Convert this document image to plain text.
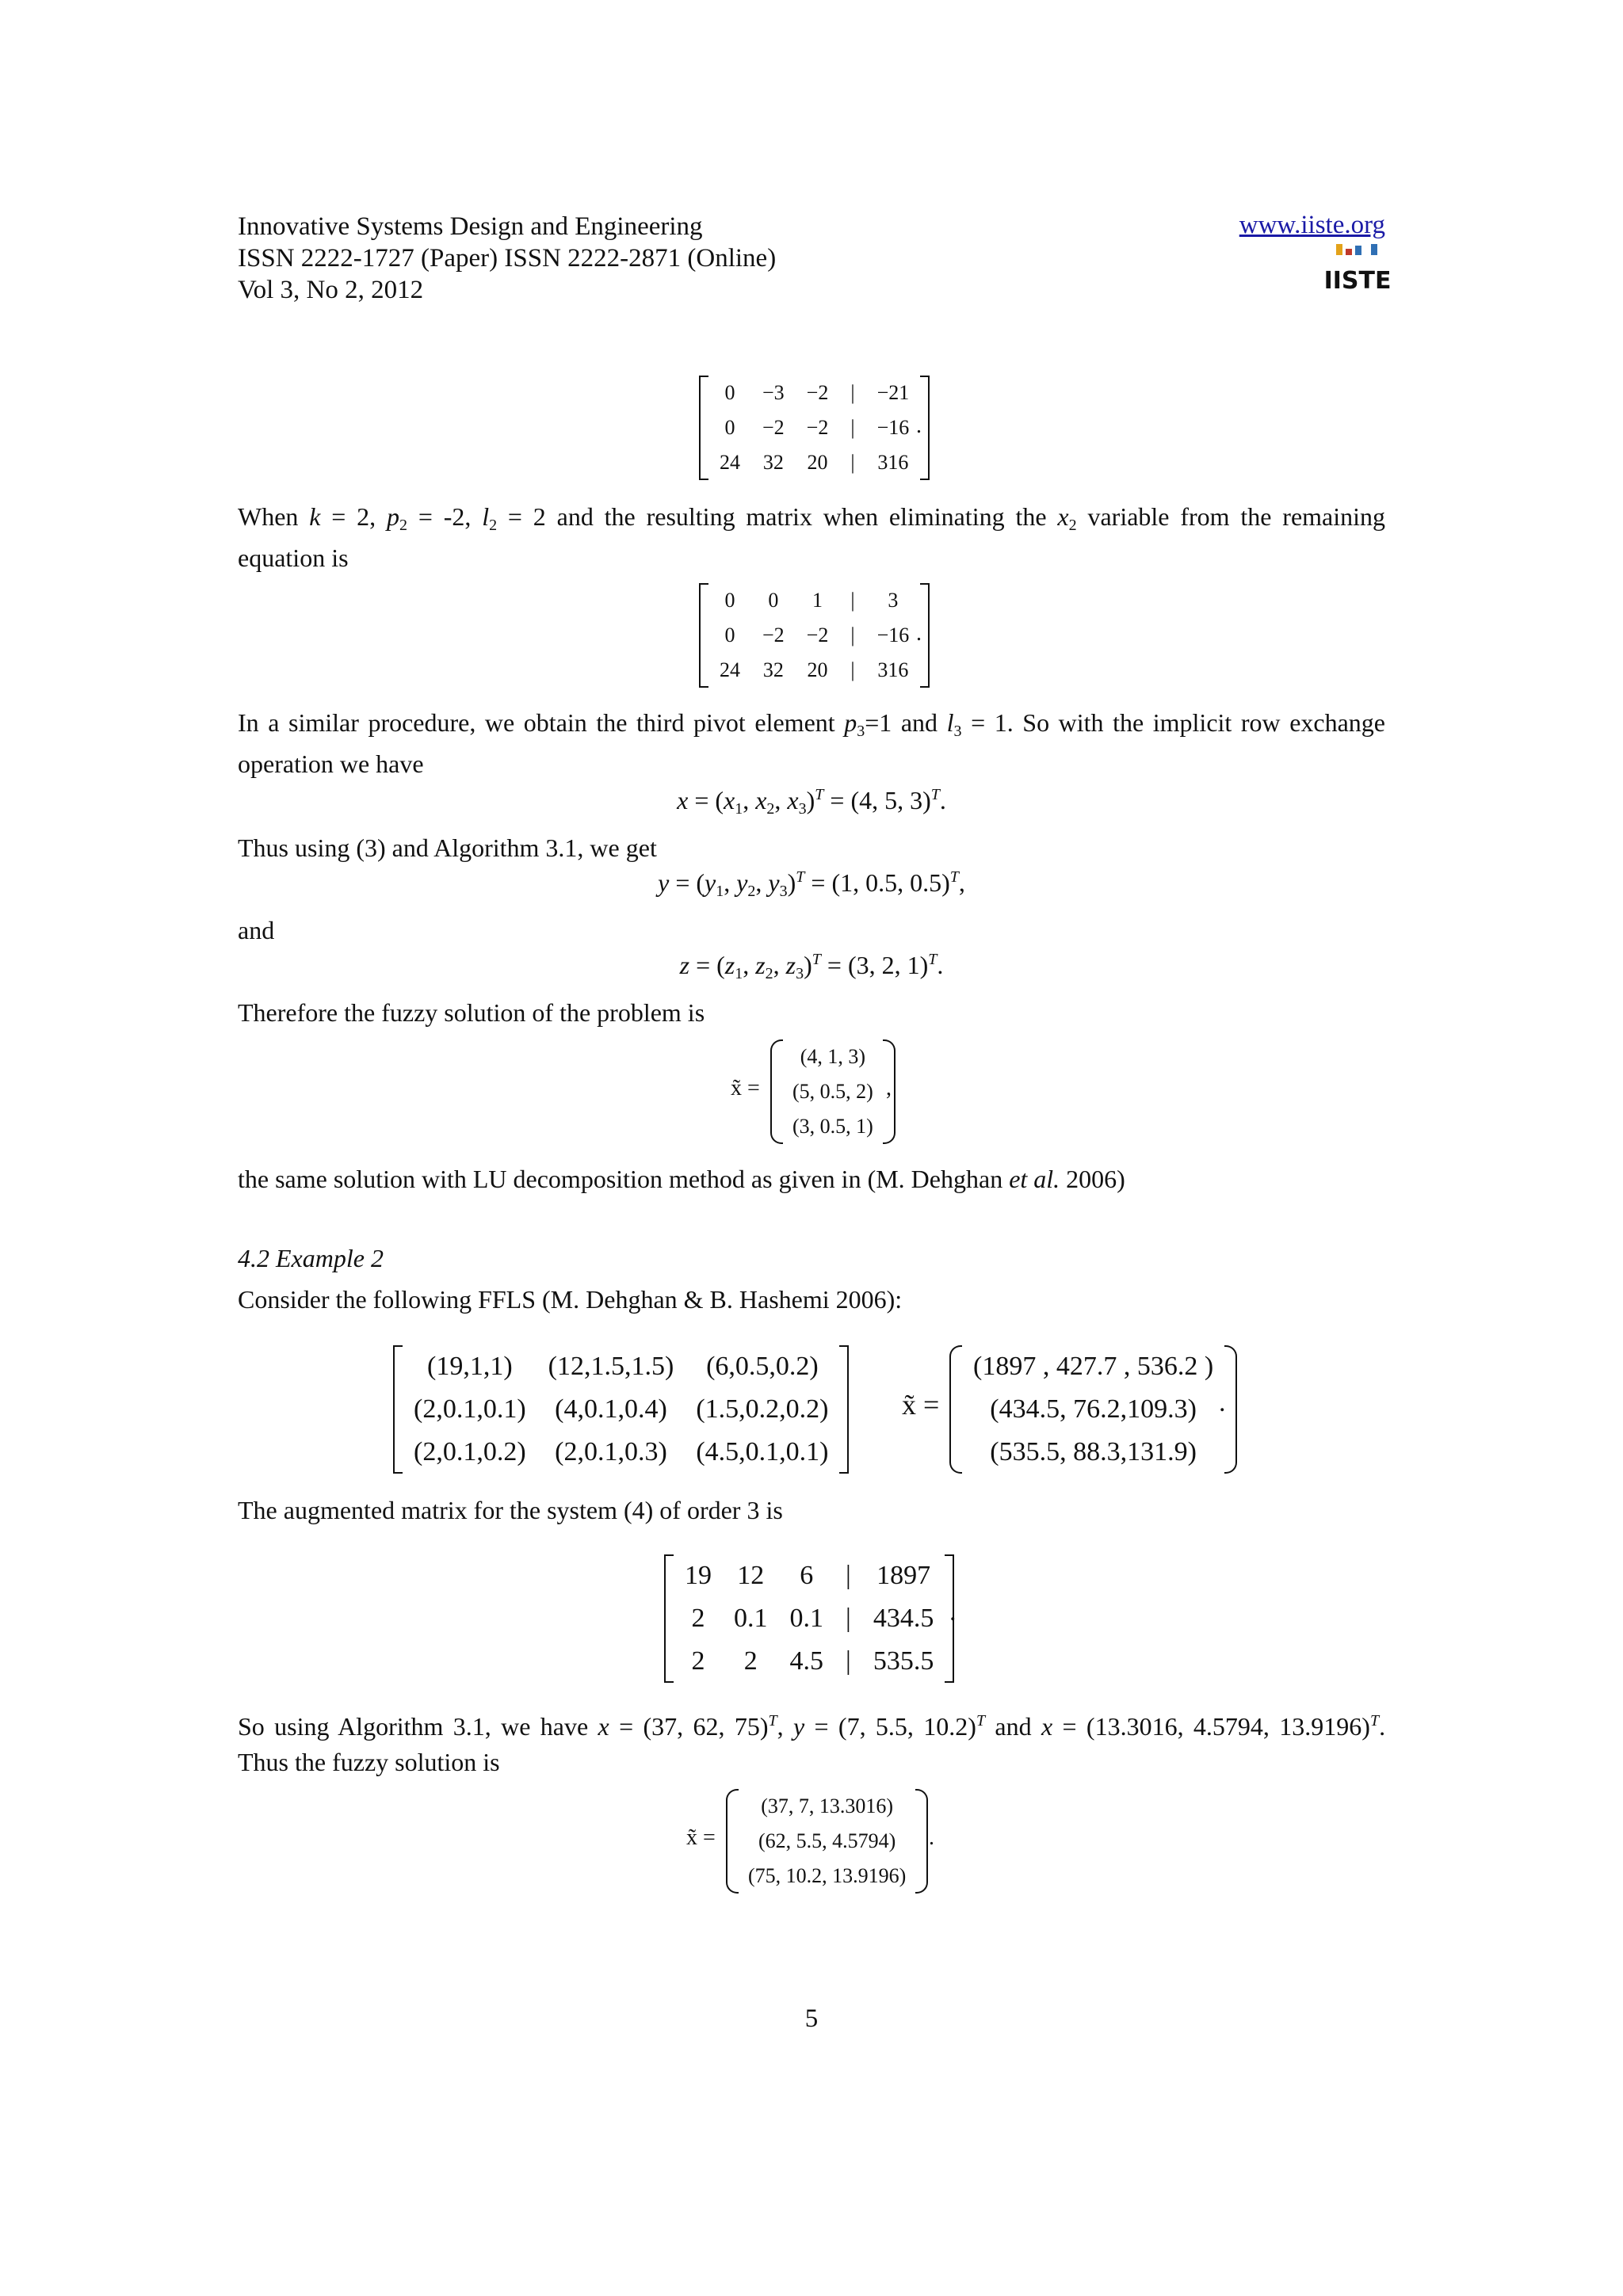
Innovative Systems Design and Engineering
ISSN 2222-1727 (Paper) ISSN 2222-2871 (Online)
Vol 3, No 2, 2012
www.iiste.org
IISTE
0	−3	−2	|	−21
0	−2	−2	|	−16
24	32	20	|	316
.
When k = 2, $p_2 = -2$, $l_2 = 2$ and the resulting matrix when eliminating the $x_2$ variable from the remaining
equation is
0	0	1	|	3
0	−2	−2	|	−16
24	32	20	|	316
.
In a similar procedure, we obtain the third pivot element $p_3=1$ and $l_3 = 1$. So with the implicit row exchange
operation we have
$x = (x_1$, $x_2$, $x_3)^T = (4$, 5, 3)$^T$.
Thus using (3) and Algorithm 3.1, we get
$y = (y_1$, $y_2$, $y_3)^T = (1$, 0.5, 0.5)$^T$,
and
$z = (z_1$, $z_2$, $z_3)^T = (3$, 2, 1)$^T$.
Therefore the fuzzy solution of the problem is
x̃ =
(4, 1, 3)
(5, 0.5, 2)
(3, 0.5, 1)
,
the same solution with LU decomposition method as given in (M. Dehghan et al. 2006)
4.2 Example 2
Consider the following FFLS (M. Dehghan & B. Hashemi 2006):
(19,1,1)	(12,1.5,1.5)	(6,0.5,0.2)
(2,0.1,0.1)	(4,0.1,0.4)	(1.5,0.2,0.2)
(2,0.1,0.2)	(2,0.1,0.3)	(4.5,0.1,0.1)
x̃ =
(1897 , 427.7 , 536.2 )
(434.5, 76.2,109.3)
(535.5, 88.3,131.9)
.
The augmented matrix for the system (4) of order 3 is
19	12	6	|	1897
2	0.1	0.1	|	434.5
2	2	4.5	|	535.5
.
So using Algorithm 3.1, we have x = (37, 62, 75)$^T$, y = (7, 5.5, 10.2)$^T$ and x = (13.3016, 4.5794, 13.9196)$^T$.
Thus the fuzzy solution is
x̃ =
(37, 7, 13.3016)
(62, 5.5, 4.5794)
(75, 10.2, 13.9196)
.
5
